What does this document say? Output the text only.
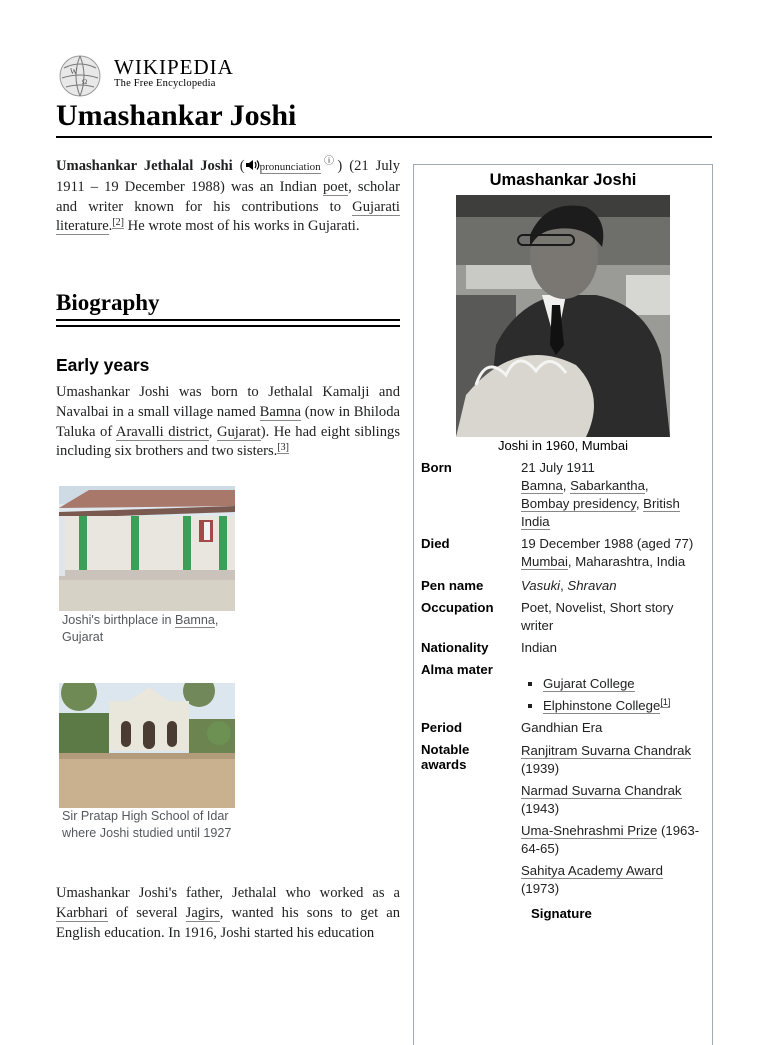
W
Ω
WIKIPEDIA
The Free Encyclopedia
Umashankar Joshi
Umashankar Jethalal Joshi ( pronunciationⓘ) (21 July 1911 – 19 December 1988) was an Indian poet, scholar and writer known for his contributions to Gujarati literature.[2] He wrote most of his works in Gujarati.
Biography
Early years
Umashankar Joshi was born to Jethalal Kamalji and Navalbai in a small village named Bamna (now in Bhiloda Taluka of Aravalli district, Gujarat). He had eight siblings including six brothers and two sisters.[3]
Joshi's birthplace in Bamna, Gujarat
Sir Pratap High School of Idar where Joshi studied until 1927
Umashankar Joshi's father, Jethalal who worked as a Karbhari of several Jagirs, wanted his sons to get an English education. In 1916, Joshi started his education
Umashankar Joshi
Joshi in 1960, Mumbai
Born	21 July 1911
Bamna, Sabarkantha,
Bombay presidency, British India
Died	19 December 1988 (aged 77)
Mumbai, Maharashtra, India
Pen name	Vasuki, Shravan
Occupation	Poet, Novelist, Short story writer
Nationality	Indian
Alma mater
▪ Gujarat College
▪ Elphinstone College[1]
Period	Gandhian Era
Notable awards
Ranjitram Suvarna Chandrak
(1939)
Narmad Suvarna Chandrak
(1943)
Uma-Snehrashmi Prize (1963-64-65)
Sahitya Academy Award
(1973)
Signature
